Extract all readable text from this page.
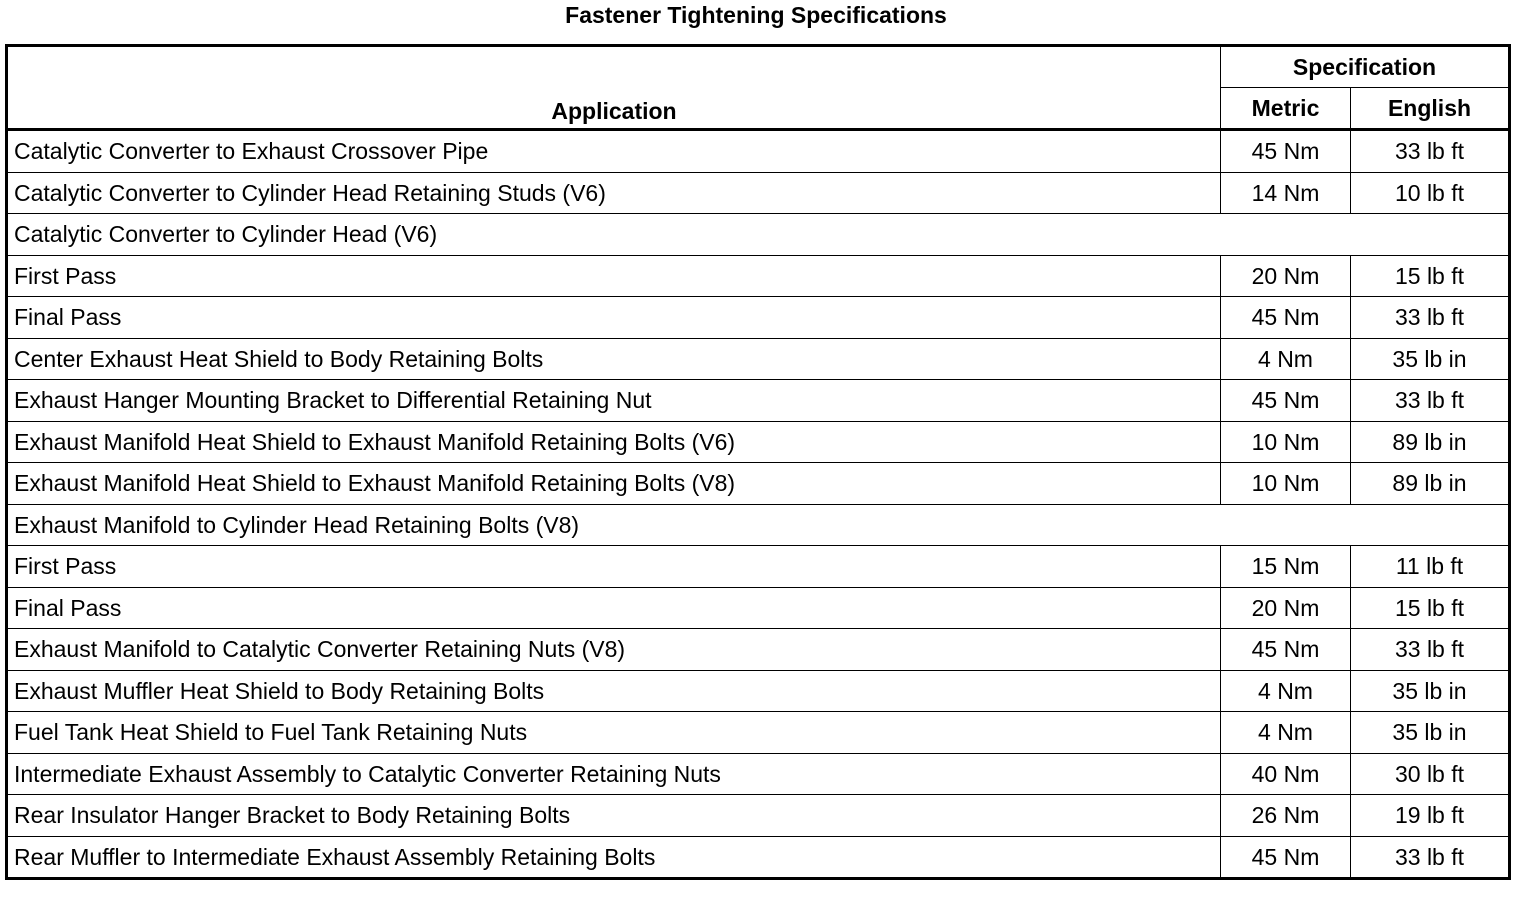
Fastener Tightening Specifications
Application	Specification	
	Metric	English
Catalytic Converter to Exhaust Crossover Pipe	45 Nm	33 lb ft
Catalytic Converter to Cylinder Head Retaining Studs (V6)	14 Nm	10 lb ft
Catalytic Converter to Cylinder Head (V6)		
First Pass	20 Nm	15 lb ft
Final Pass	45 Nm	33 lb ft
Center Exhaust Heat Shield to Body Retaining Bolts	4 Nm	35 lb in
Exhaust Hanger Mounting Bracket to Differential Retaining Nut	45 Nm	33 lb ft
Exhaust Manifold Heat Shield to Exhaust Manifold Retaining Bolts (V6)	10 Nm	89 lb in
Exhaust Manifold Heat Shield to Exhaust Manifold Retaining Bolts (V8)	10 Nm	89 lb in
Exhaust Manifold to Cylinder Head Retaining Bolts (V8)		
First Pass	15 Nm	11 lb ft
Final Pass	20 Nm	15 lb ft
Exhaust Manifold to Catalytic Converter Retaining Nuts (V8)	45 Nm	33 lb ft
Exhaust Muffler Heat Shield to Body Retaining Bolts	4 Nm	35 lb in
Fuel Tank Heat Shield to Fuel Tank Retaining Nuts	4 Nm	35 lb in
Intermediate Exhaust Assembly to Catalytic Converter Retaining Nuts	40 Nm	30 lb ft
Rear Insulator Hanger Bracket to Body Retaining Bolts	26 Nm	19 lb ft
Rear Muffler to Intermediate Exhaust Assembly Retaining Bolts	45 Nm	33 lb ft
